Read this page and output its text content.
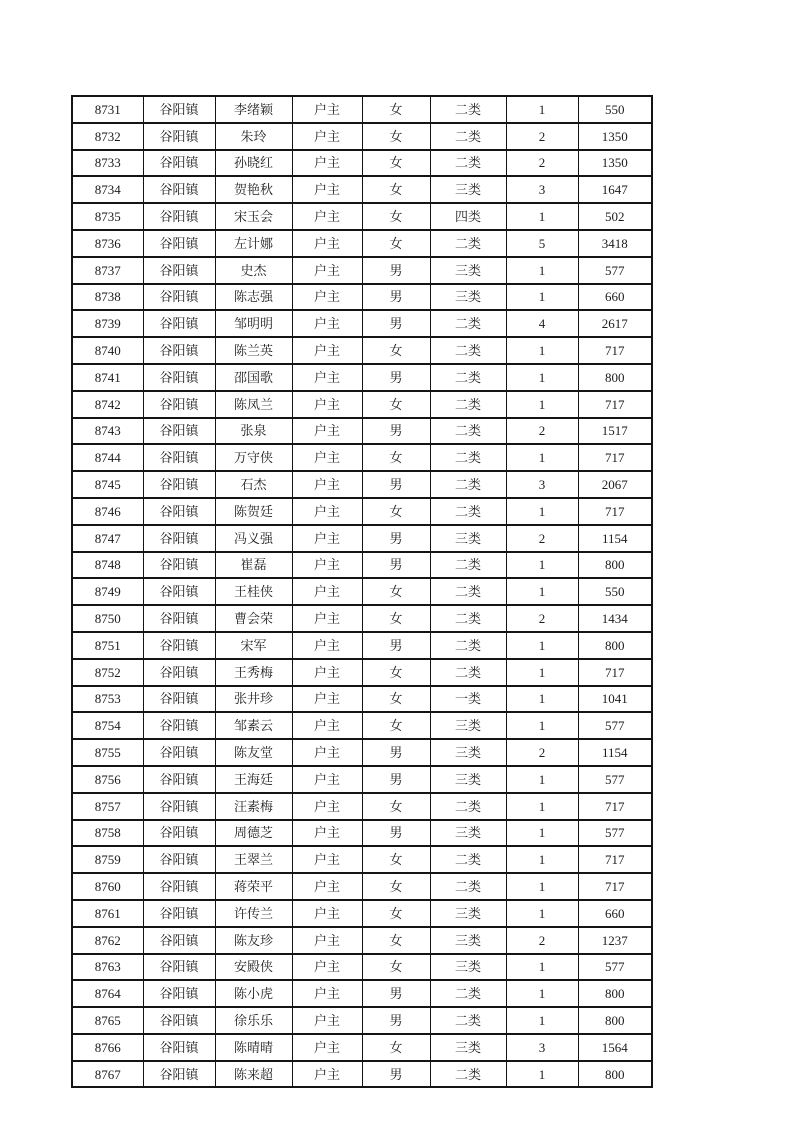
8731	谷阳镇	李绪颖	户主	女	二类	1	550
8732	谷阳镇	朱玲	户主	女	二类	2	1350
8733	谷阳镇	孙晓红	户主	女	二类	2	1350
8734	谷阳镇	贺艳秋	户主	女	三类	3	1647
8735	谷阳镇	宋玉会	户主	女	四类	1	502
8736	谷阳镇	左计娜	户主	女	二类	5	3418
8737	谷阳镇	史杰	户主	男	三类	1	577
8738	谷阳镇	陈志强	户主	男	三类	1	660
8739	谷阳镇	邹明明	户主	男	二类	4	2617
8740	谷阳镇	陈兰英	户主	女	二类	1	717
8741	谷阳镇	邵国歌	户主	男	二类	1	800
8742	谷阳镇	陈凤兰	户主	女	二类	1	717
8743	谷阳镇	张泉	户主	男	二类	2	1517
8744	谷阳镇	万守侠	户主	女	二类	1	717
8745	谷阳镇	石杰	户主	男	二类	3	2067
8746	谷阳镇	陈贺廷	户主	女	二类	1	717
8747	谷阳镇	冯义强	户主	男	三类	2	1154
8748	谷阳镇	崔磊	户主	男	二类	1	800
8749	谷阳镇	王桂侠	户主	女	二类	1	550
8750	谷阳镇	曹会荣	户主	女	二类	2	1434
8751	谷阳镇	宋军	户主	男	二类	1	800
8752	谷阳镇	王秀梅	户主	女	二类	1	717
8753	谷阳镇	张井珍	户主	女	一类	1	1041
8754	谷阳镇	邹素云	户主	女	三类	1	577
8755	谷阳镇	陈友堂	户主	男	三类	2	1154
8756	谷阳镇	王海廷	户主	男	三类	1	577
8757	谷阳镇	汪素梅	户主	女	二类	1	717
8758	谷阳镇	周德芝	户主	男	三类	1	577
8759	谷阳镇	王翠兰	户主	女	二类	1	717
8760	谷阳镇	蒋荣平	户主	女	二类	1	717
8761	谷阳镇	许传兰	户主	女	三类	1	660
8762	谷阳镇	陈友珍	户主	女	三类	2	1237
8763	谷阳镇	安殿侠	户主	女	三类	1	577
8764	谷阳镇	陈小虎	户主	男	二类	1	800
8765	谷阳镇	徐乐乐	户主	男	二类	1	800
8766	谷阳镇	陈晴晴	户主	女	三类	3	1564
8767	谷阳镇	陈来超	户主	男	二类	1	800
